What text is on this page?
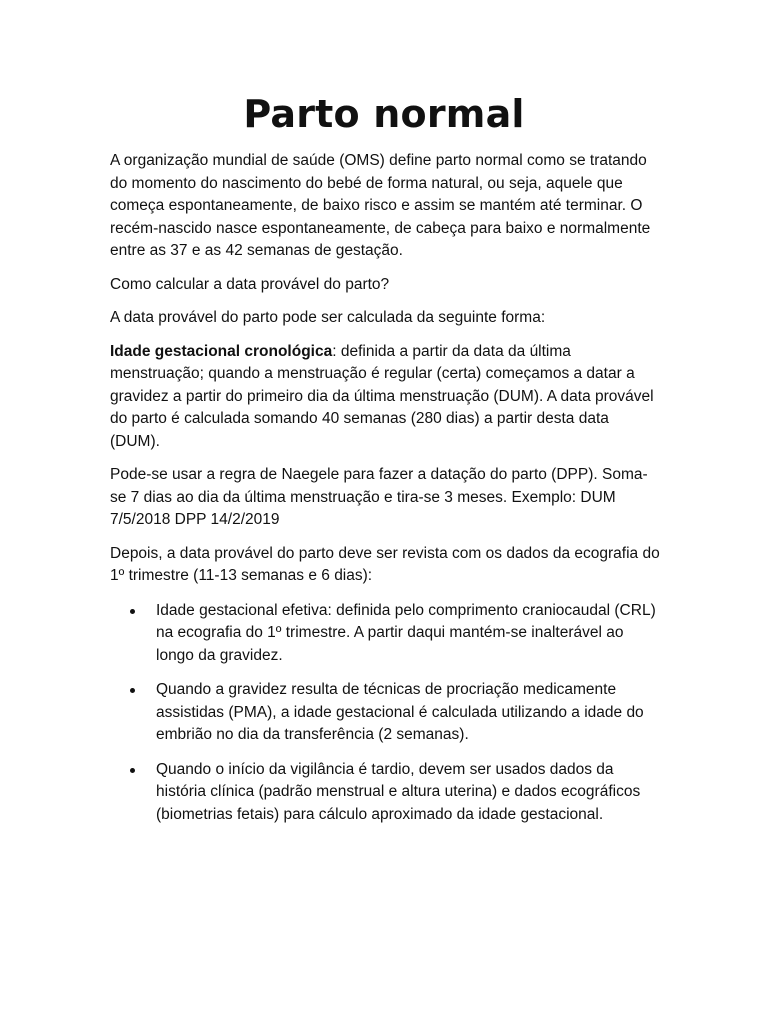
Parto normal

A organização mundial de saúde (OMS) define parto normal como se tratando do momento do nascimento do bebé de forma natural, ou seja, aquele que começa espontaneamente, de baixo risco e assim se mantém até terminar. O recém-nascido nasce espontaneamente, de cabeça para baixo e normalmente entre as 37 e as 42 semanas de gestação.

Como calcular a data provável do parto?

A data provável do parto pode ser calculada da seguinte forma:

Idade gestacional cronológica: definida a partir da data da última menstruação; quando a menstruação é regular (certa) começamos a datar a gravidez a partir do primeiro dia da última menstruação (DUM). A data provável do parto é calculada somando 40 semanas (280 dias) a partir desta data (DUM).

Pode-se usar a regra de Naegele para fazer a datação do parto (DPP). Soma-se 7 dias ao dia da última menstruação e tira-se 3 meses. Exemplo: DUM 7/5/2018 DPP 14/2/2019

Depois, a data provável do parto deve ser revista com os dados da ecografia do 1º trimestre (11-13 semanas e 6 dias):

Idade gestacional efetiva: definida pelo comprimento craniocaudal (CRL) na ecografia do 1º trimestre. A partir daqui mantém-se inalterável ao longo da gravidez.
Quando a gravidez resulta de técnicas de procriação medicamente assistidas (PMA), a idade gestacional é calculada utilizando a idade do embrião no dia da transferência (2 semanas).
Quando o início da vigilância é tardio, devem ser usados dados da história clínica (padrão menstrual e altura uterina) e dados ecográficos (biometrias fetais) para cálculo aproximado da idade gestacional.
